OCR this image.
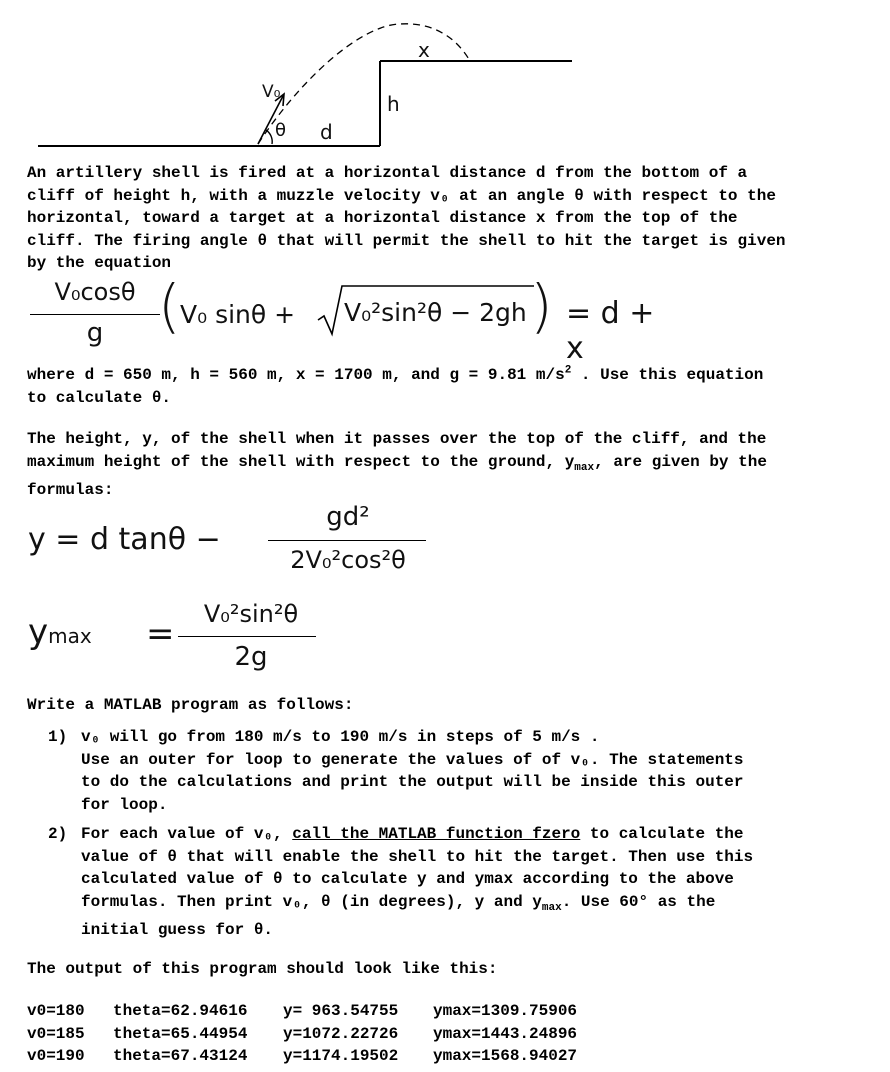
x
V₀	h
θ d

An artillery shell is fired at a horizontal distance d from the bottom of a

cliff of height h, with a muzzle velocity v₀ at an angle θ with respect to the

horizontal, toward a target at a horizontal distance x from the top of the

cliff. The firing angle θ that will permit the shell to hit the target is given

by the equation

V₀cosθ
g ( V₀ sinθ + V₀²sin²θ − 2gh ) = d + x

where d = 650 m, h = 560 m, x = 1700 m, and g = 9.81 $m/s^2$ . Use this equation

to calculate θ.

The height, y, of the shell when it passes over the top of the cliff, and the

maximum height of the shell with respect to the ground, $y_{max}$, are given by the

formulas:

y = d tanθ −
gd²
2V₀²cos²θ
ymax =	V₀²sin²θ
2g
Write a MATLAB program as follows:
1) v₀ will go from 180 m/s to 190 m/s in steps of 5 m/s .

Use an outer for loop to generate the values of of v₀. The statements

to do the calculations and print the output will be inside this outer

for loop.

2) For each value of v₀, call the MATLAB function fzero to calculate the

value of θ that will enable the shell to hit the target. Then use this

calculated value of θ to calculate y and ymax according to the above

formulas. Then print v₀, θ (in degrees), y and $y_{max}$. Use 60° as the

initial guess for θ.

The output of this program should look like this:
v0=180	theta=62.94616	y= 963.54755	ymax=1309.75906
v0=185	theta=65.44954	y=1072.22726	ymax=1443.24896
v0=190	theta=67.43124	y=1174.19502	ymax=1568.94027
